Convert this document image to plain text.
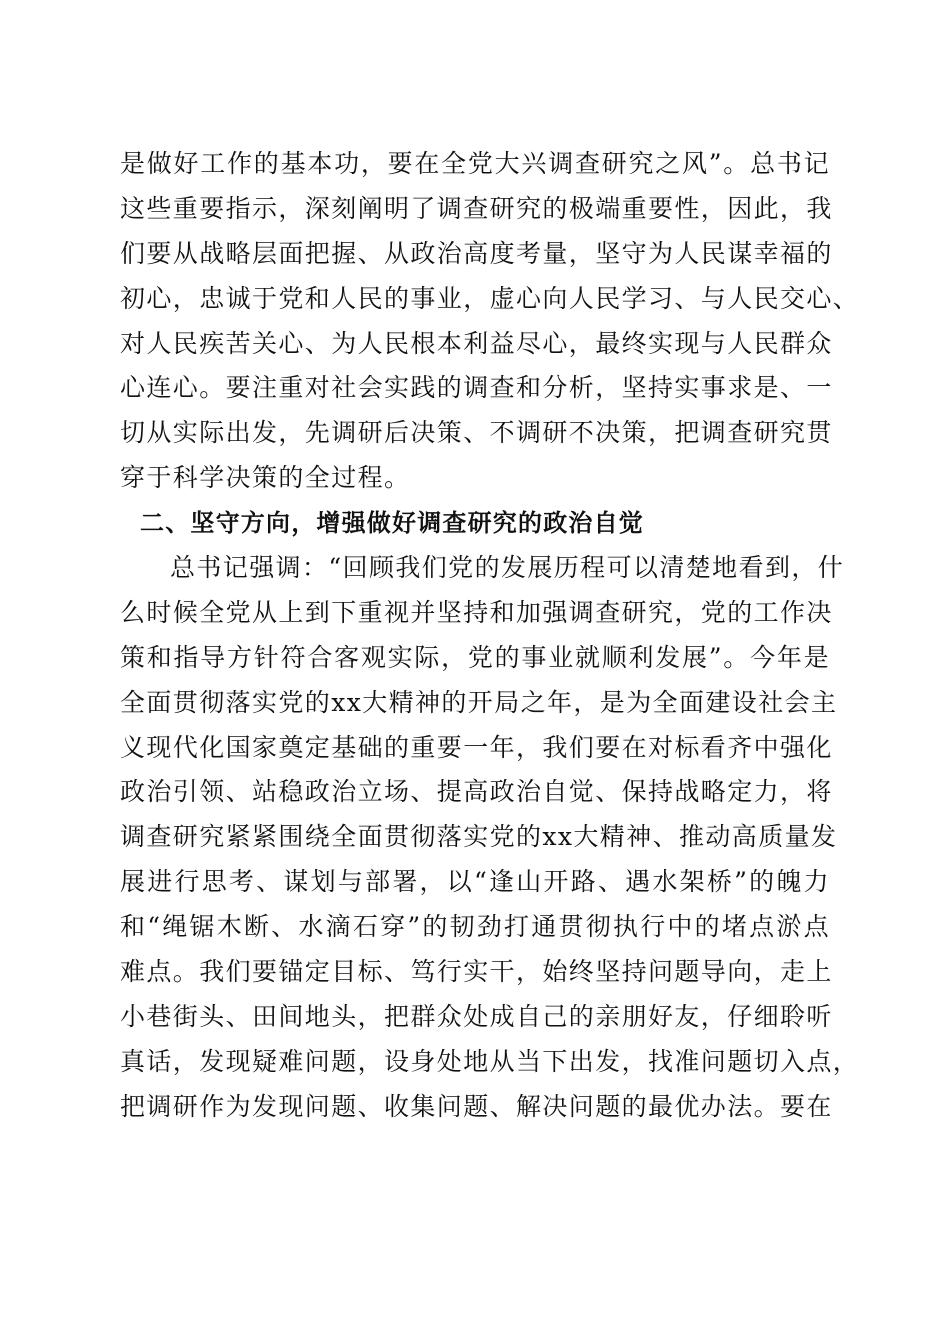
是做好工作的基本功，要在全党大兴调查研究之风”。总书记
这些重要指示，深刻阐明了调查研究的极端重要性，因此，我
们要从战略层面把握、从政治高度考量，坚守为人民谋幸福的
初心，忠诚于党和人民的事业，虚心向人民学习、与人民交心、
对人民疾苦关心、为人民根本利益尽心，最终实现与人民群众
心连心。要注重对社会实践的调查和分析，坚持实事求是、一
切从实际出发，先调研后决策、不调研不决策，把调查研究贯
穿于科学决策的全过程。
二、坚守方向，增强做好调查研究的政治自觉
总书记强调：“回顾我们党的发展历程可以清楚地看到，什
么时候全党从上到下重视并坚持和加强调查研究，党的工作决
策和指导方针符合客观实际，党的事业就顺利发展”。今年是
全面贯彻落实党的xx大精神的开局之年，是为全面建设社会主
义现代化国家奠定基础的重要一年，我们要在对标看齐中强化
政治引领、站稳政治立场、提高政治自觉、保持战略定力，将
调查研究紧紧围绕全面贯彻落实党的xx大精神、推动高质量发
展进行思考、谋划与部署，以“逢山开路、遇水架桥”的魄力
和“绳锯木断、水滴石穿”的韧劲打通贯彻执行中的堵点淤点
难点。我们要锚定目标、笃行实干，始终坚持问题导向，走上
小巷街头、田间地头，把群众处成自己的亲朋好友，仔细聆听
真话，发现疑难问题，设身处地从当下出发，找准问题切入点，
把调研作为发现问题、收集问题、解决问题的最优办法。要在
